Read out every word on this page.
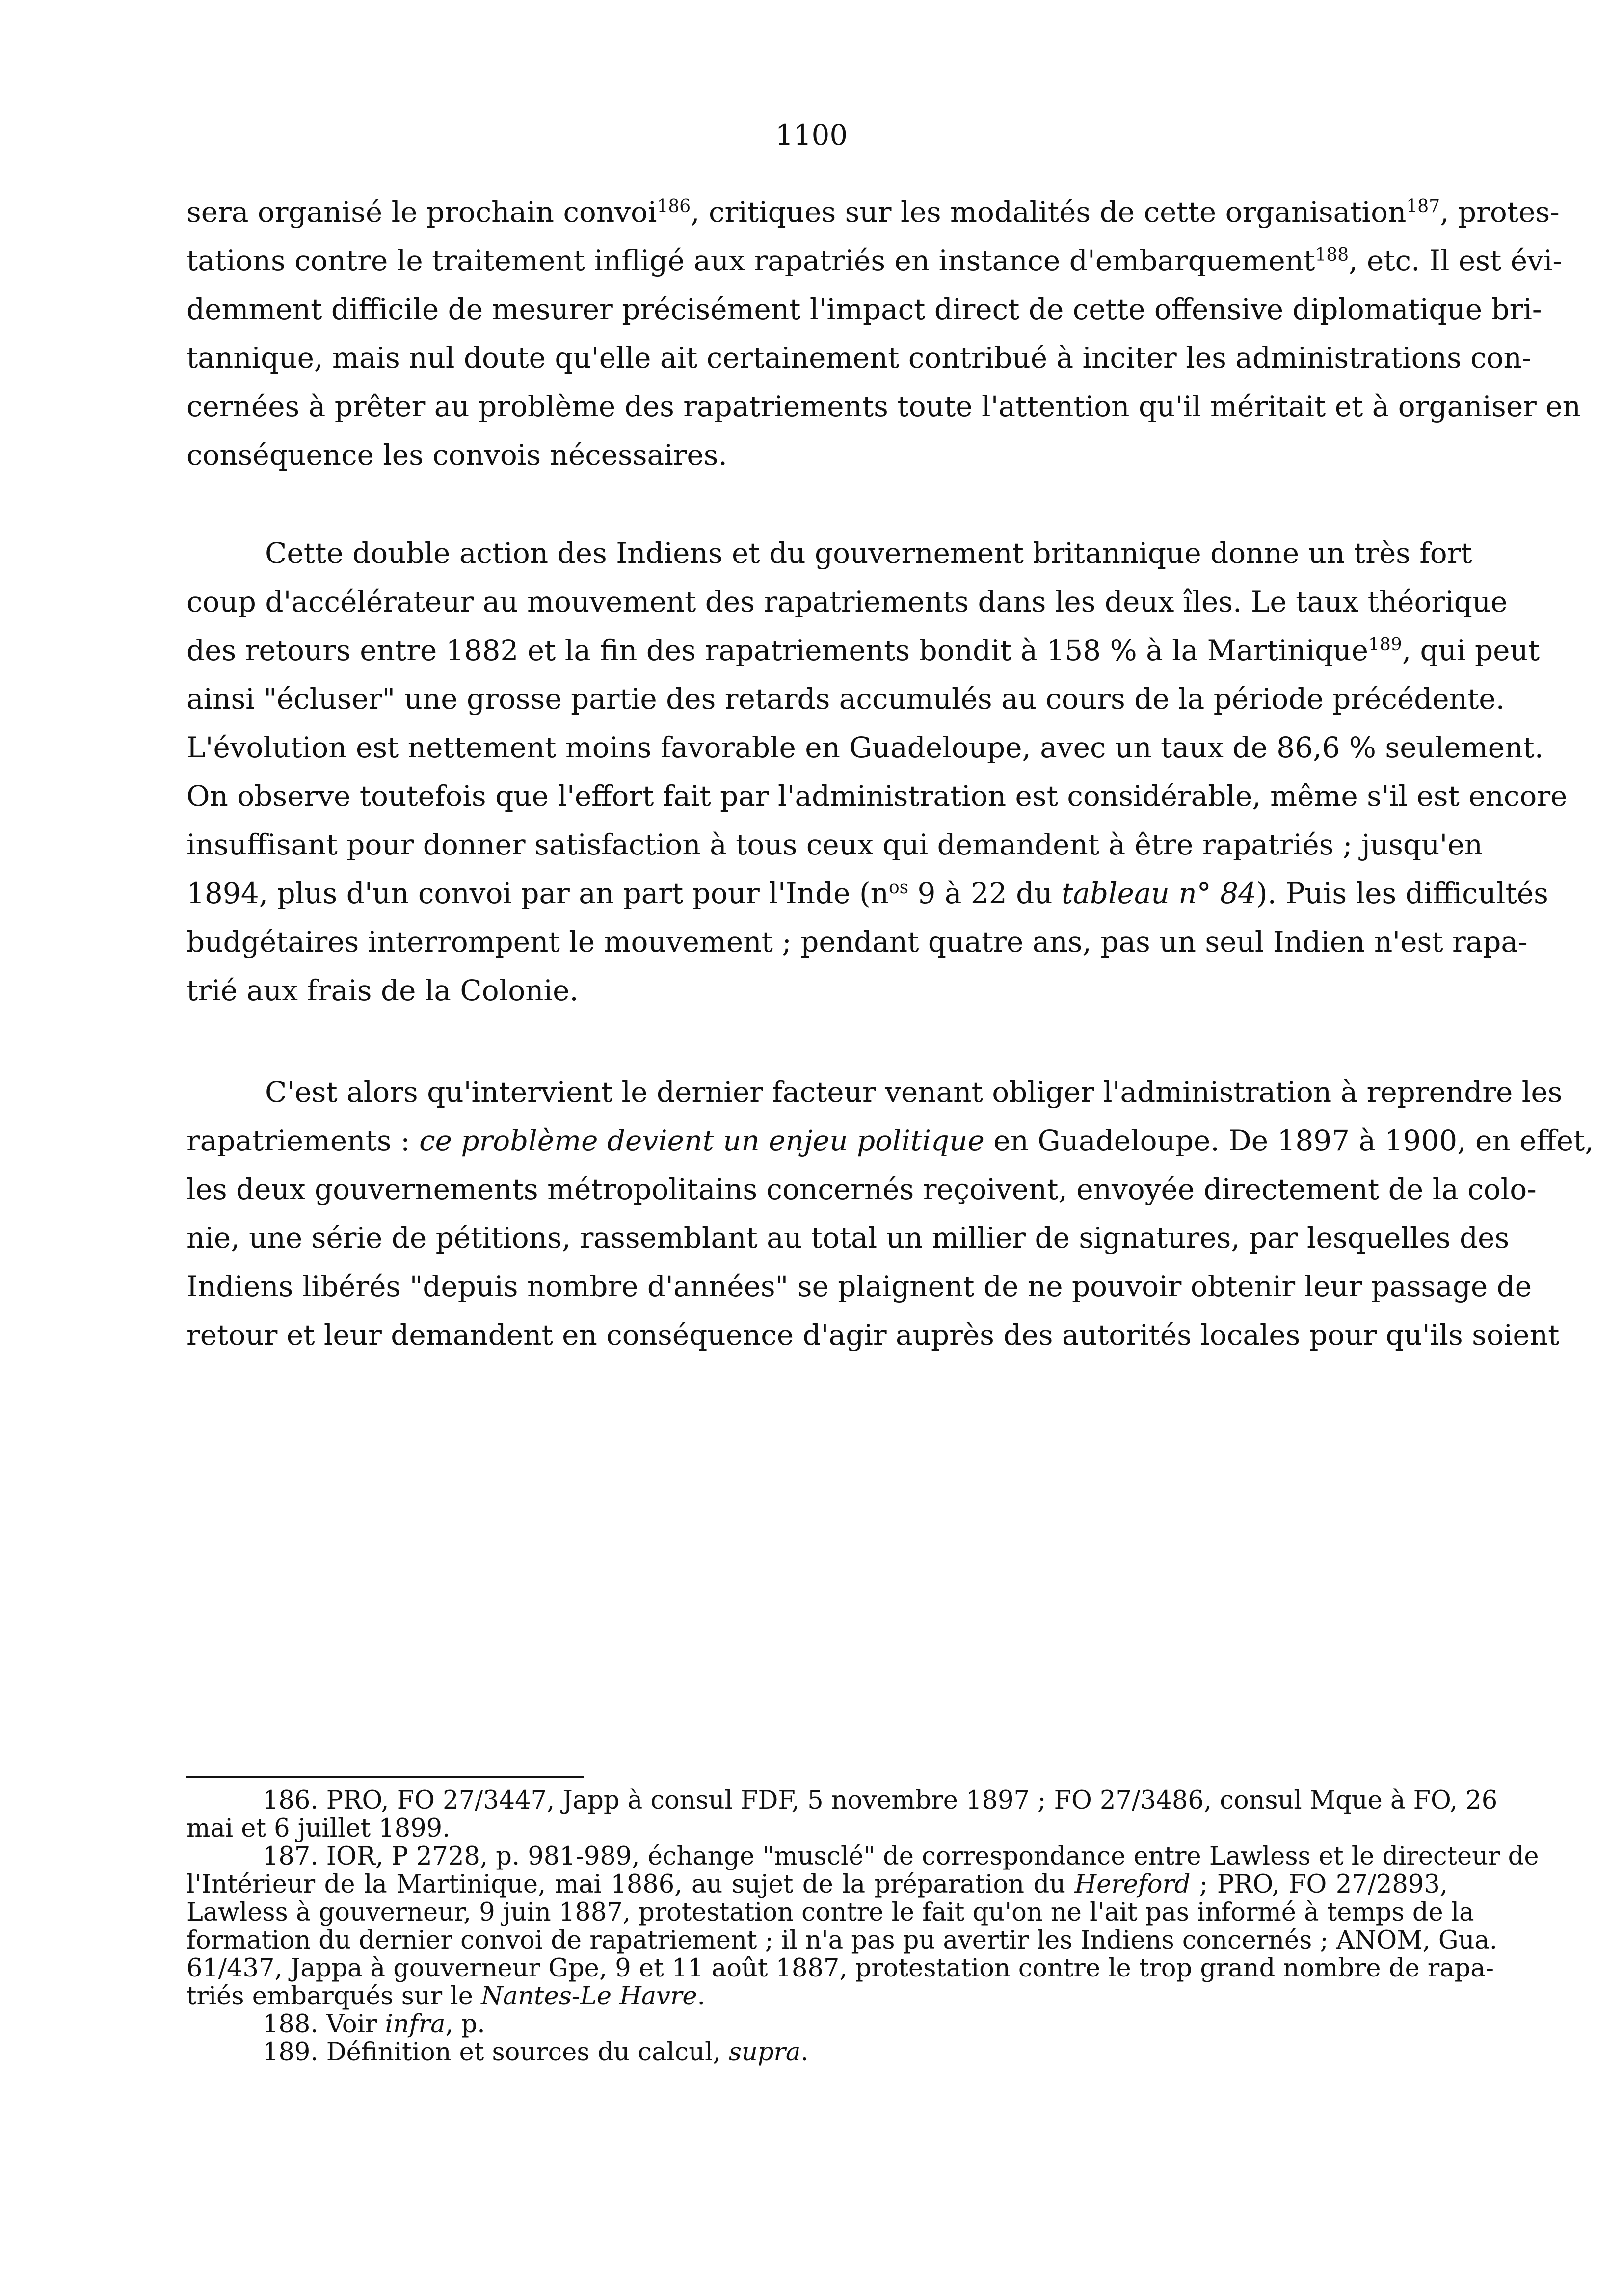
1100
sera organisé le prochain convoi$^{186}$, critiques sur les modalités de cette organisation$^{187}$, protes-
tations contre le traitement infligé aux rapatriés en instance d'embarquement$^{188}$, etc. Il est évi-
demment difficile de mesurer précisément l'impact direct de cette offensive diplomatique bri-
tannique, mais nul doute qu'elle ait certainement contribué à inciter les administrations con-
cernées à prêter au problème des rapatriements toute l'attention qu'il méritait et à organiser en
conséquence les convois nécessaires.
Cette double action des Indiens et du gouvernement britannique donne un très fort
coup d'accélérateur au mouvement des rapatriements dans les deux îles. Le taux théorique
des retours entre 1882 et la fin des rapatriements bondit à 158 % à la Martinique$^{189}$, qui peut
ainsi "écluser" une grosse partie des retards accumulés au cours de la période précédente.
L'évolution est nettement moins favorable en Guadeloupe, avec un taux de 86,6 % seulement.
On observe toutefois que l'effort fait par l'administration est considérable, même s'il est encore
insuffisant pour donner satisfaction à tous ceux qui demandent à être rapatriés ; jusqu'en
1894, plus d'un convoi par an part pour l'Inde ($n^{os}$ 9 à 22 du tableau n° 84). Puis les difficultés
budgétaires interrompent le mouvement ; pendant quatre ans, pas un seul Indien n'est rapa-
trié aux frais de la Colonie.
C'est alors qu'intervient le dernier facteur venant obliger l'administration à reprendre les
rapatriements : ce problème devient un enjeu politique en Guadeloupe. De 1897 à 1900, en effet,
les deux gouvernements métropolitains concernés reçoivent, envoyée directement de la colo-
nie, une série de pétitions, rassemblant au total un millier de signatures, par lesquelles des
Indiens libérés "depuis nombre d'années" se plaignent de ne pouvoir obtenir leur passage de
retour et leur demandent en conséquence d'agir auprès des autorités locales pour qu'ils soient
186. PRO, FO 27/3447, Japp à consul FDF, 5 novembre 1897 ; FO 27/3486, consul Mque à FO, 26
mai et 6 juillet 1899.
187. IOR, P 2728, p. 981-989, échange "musclé" de correspondance entre Lawless et le directeur de
l'Intérieur de la Martinique, mai 1886, au sujet de la préparation du Hereford ; PRO, FO 27/2893,
Lawless à gouverneur, 9 juin 1887, protestation contre le fait qu'on ne l'ait pas informé à temps de la
formation du dernier convoi de rapatriement ; il n'a pas pu avertir les Indiens concernés ; ANOM, Gua.
61/437, Jappa à gouverneur Gpe, 9 et 11 août 1887, protestation contre le trop grand nombre de rapa-
triés embarqués sur le Nantes-Le Havre.
188. Voir infra, p.
189. Définition et sources du calcul, supra.
